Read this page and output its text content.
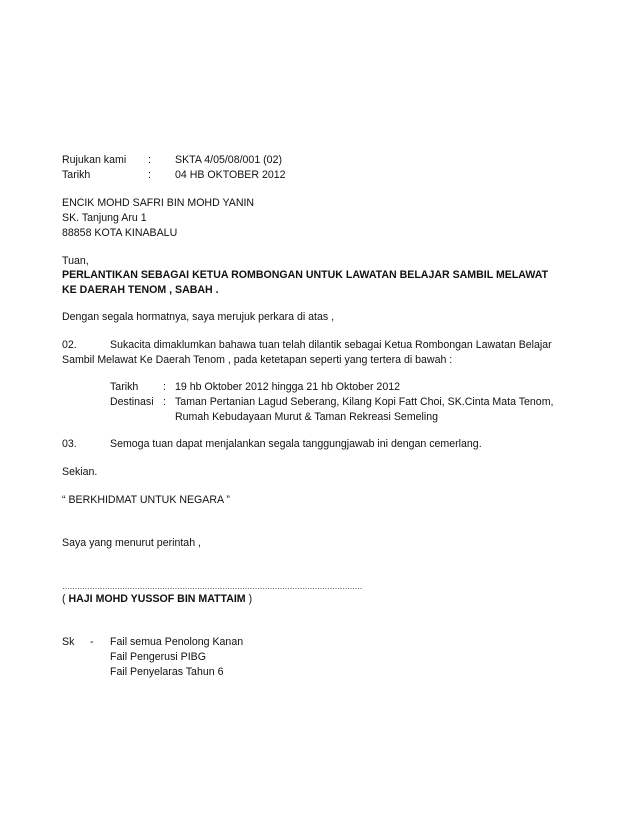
Rujukan kami : SKTA 4/05/08/001 (02)
Tarikh	: 04 HB OKTOBER 2012
ENCIK MOHD SAFRI BIN MOHD YANIN
SK. Tanjung Aru 1
88858 KOTA KINABALU
Tuan,
PERLANTIKAN SEBAGAI KETUA ROMBONGAN UNTUK LAWATAN BELAJAR SAMBIL MELAWAT
KE DAERAH TENOM , SABAH .
Dengan segala hormatnya, saya merujuk perkara di atas ,
02.	Sukacita dimaklumkan bahawa tuan telah dilantik sebagai Ketua Rombongan Lawatan Belajar
Sambil Melawat Ke Daerah Tenom , pada ketetapan seperti yang tertera di bawah :
Tarikh : 19 hb Oktober 2012 hingga 21 hb Oktober 2012
Destinasi : Taman Pertanian Lagud Seberang, Kilang Kopi Fatt Choi, SK.Cinta Mata Tenom,
Rumah Kebudayaan Murut & Taman Rekreasi Semeling
03.	Semoga tuan dapat menjalankan segala tanggungjawab ini dengan cemerlang.
Sekian.
“ BERKHIDMAT UNTUK NEGARA ”
Saya yang menurut perintah ,
…………………………………………………………………………………………………………
( HAJI MOHD YUSSOF BIN MATTAIM )
Sk - Fail semua Penolong Kanan
Fail Pengerusi PIBG
Fail Penyelaras Tahun 6
